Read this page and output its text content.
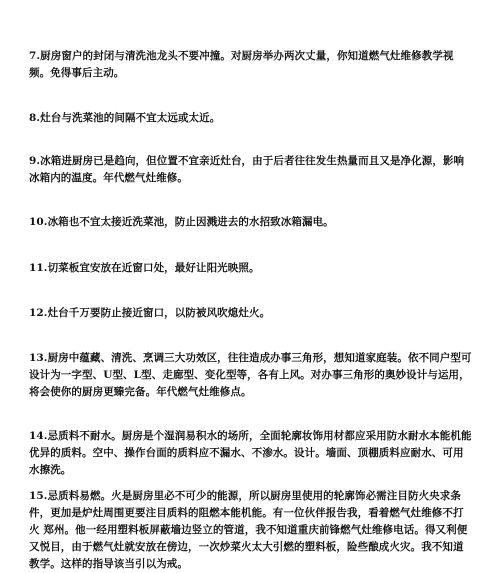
7.厨房窗户的封闭与清洗池龙头不要冲撞。对厨房举办两次丈量，你知道燃气灶维修教学视频。免得事后主动。

8.灶台与洗菜池的间隔不宜太远或太近。

9.冰箱进厨房已是趋向，但位置不宜亲近灶台，由于后者往往发生热量而且又是净化源，影响冰箱内的温度。年代燃气灶维修。

10.冰箱也不宜太接近洗菜池，防止因溅进去的水招致冰箱漏电。

11.切菜板宜安放在近窗口处，最好让阳光映照。

12.灶台千万要防止接近窗口，以防被风吹熄灶火。

13.厨房中蕴藏、清洗、烹调三大功效区，往往造成办事三角形，想知道家庭装。依不同户型可设计为一字型、U型、L型、走廊型、变化型等，各有上风。对办事三角形的奥妙设计与运用，将会使你的厨房更臻完备。年代燃气灶维修点。

14.忌质料不耐水。厨房是个湿润易积水的场所，全面轮廓妆饰用材都应采用防水耐水本能机能优异的质料。空中、操作台面的质料应不漏水、不渗水。设计。墙面、顶棚质料应耐水、可用水擦洗。

15.忌质料易燃。火是厨房里必不可少的能源，所以厨房里使用的轮廓饰必需注目防火央求条件，更加是炉灶周围更要注目质料的阻燃本能机能。有一位伙伴报告我，看着燃气灶维修不打火 郑州。他一经用塑料板屏蔽墙边竖立的管道，我不知道重庆前锋燃气灶维修电话。得又利便又悦目，由于燃气灶就安放在傍边，一次炒菜火太大引燃的塑料板，险些酿成火灾。我不知道教学。这样的指导该当引以为戒。
